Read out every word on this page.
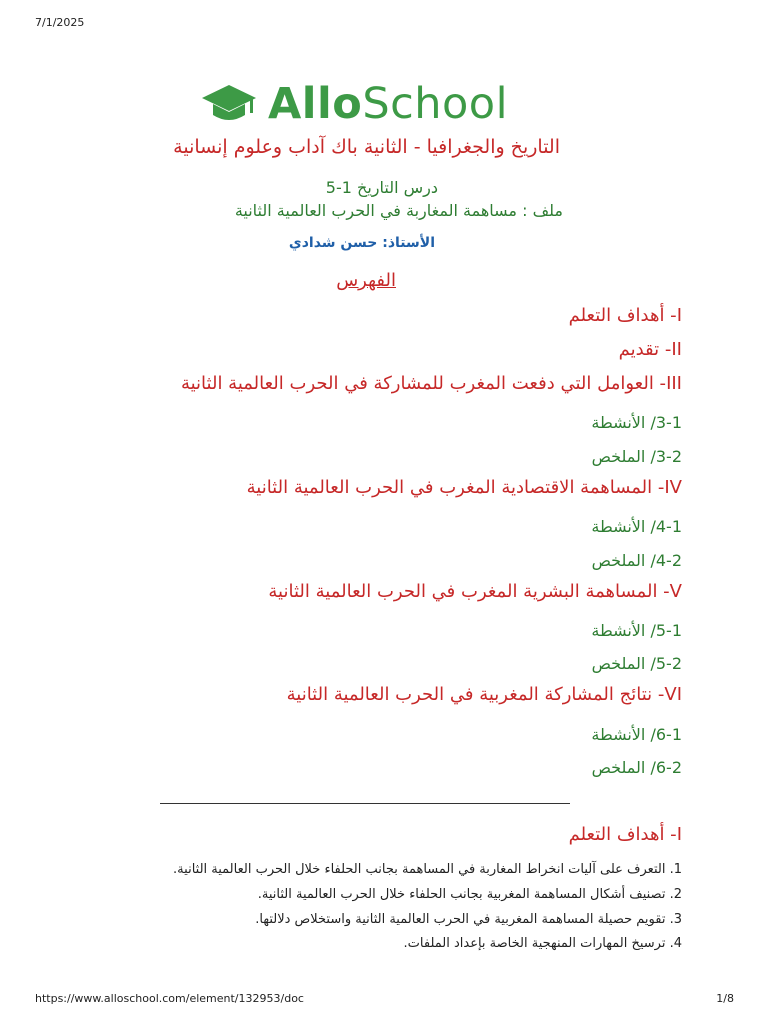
7/1/2025
AlloSchool
التاريخ والجغرافيا - الثانية باك آداب وعلوم إنسانية
درس التاريخ 1-5
ملف : مساهمة المغاربة في الحرب العالمية الثانية
الأستاذ: حسن شدادي
الفهرس
I- أهداف التعلم
II- تقديم
III- العوامل التي دفعت المغرب للمشاركة في الحرب العالمية الثانية
3-1/ الأنشطة
3-2/ الملخص
IV- المساهمة الاقتصادية المغرب في الحرب العالمية الثانية
4-1/ الأنشطة
4-2/ الملخص
V- المساهمة البشرية المغرب في الحرب العالمية الثانية
5-1/ الأنشطة
5-2/ الملخص
VI- نتائج المشاركة المغربية في الحرب العالمية الثانية
6-1/ الأنشطة
6-2/ الملخص
I- أهداف التعلم
1. التعرف على آليات انخراط المغاربة في المساهمة بجانب الحلفاء خلال الحرب العالمية الثانية.
2. تصنيف أشكال المساهمة المغربية بجانب الحلفاء خلال الحرب العالمية الثانية.
3. تقويم حصيلة المساهمة المغربية في الحرب العالمية الثانية واستخلاص دلالتها.
4. ترسيخ المهارات المنهجية الخاصة بإعداد الملفات.
https://www.alloschool.com/element/132953/doc	1/8
